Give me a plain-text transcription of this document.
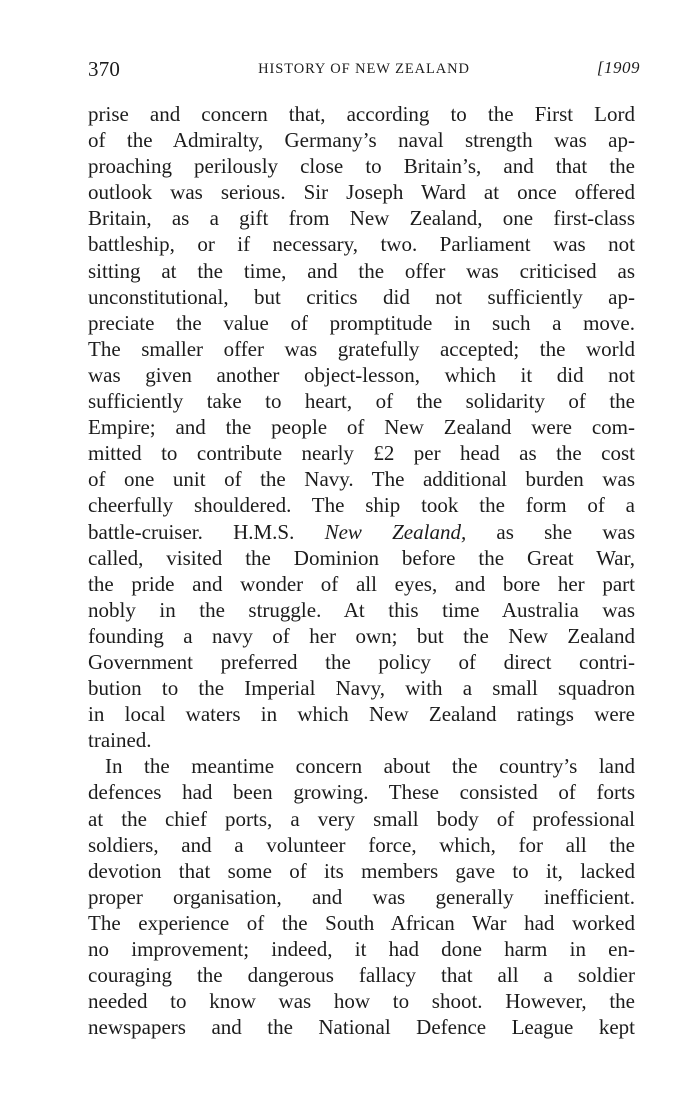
370	HISTORY OF NEW ZEALAND	[1909
prise and concern that, according to the First Lord
of the Admiralty, Germany’s naval strength was ap-
proaching perilously close to Britain’s, and that the
outlook was serious. Sir Joseph Ward at once offered
Britain, as a gift from New Zealand, one first-class
battleship, or if necessary, two. Parliament was not
sitting at the time, and the offer was criticised as
unconstitutional, but critics did not sufficiently ap-
preciate the value of promptitude in such a move.
The smaller offer was gratefully accepted; the world
was given another object-lesson, which it did not
sufficiently take to heart, of the solidarity of the
Empire; and the people of New Zealand were com-
mitted to contribute nearly £2 per head as the cost
of one unit of the Navy. The additional burden was
cheerfully shouldered. The ship took the form of a
battle-cruiser. H.M.S. New Zealand, as she was
called, visited the Dominion before the Great War,
the pride and wonder of all eyes, and bore her part
nobly in the struggle. At this time Australia was
founding a navy of her own; but the New Zealand
Government preferred the policy of direct contri-
bution to the Imperial Navy, with a small squadron
in local waters in which New Zealand ratings were
trained.
In the meantime concern about the country’s land
defences had been growing. These consisted of forts
at the chief ports, a very small body of professional
soldiers, and a volunteer force, which, for all the
devotion that some of its members gave to it, lacked
proper organisation, and was generally inefficient.
The experience of the South African War had worked
no improvement; indeed, it had done harm in en-
couraging the dangerous fallacy that all a soldier
needed to know was how to shoot. However, the
newspapers and the National Defence League kept
